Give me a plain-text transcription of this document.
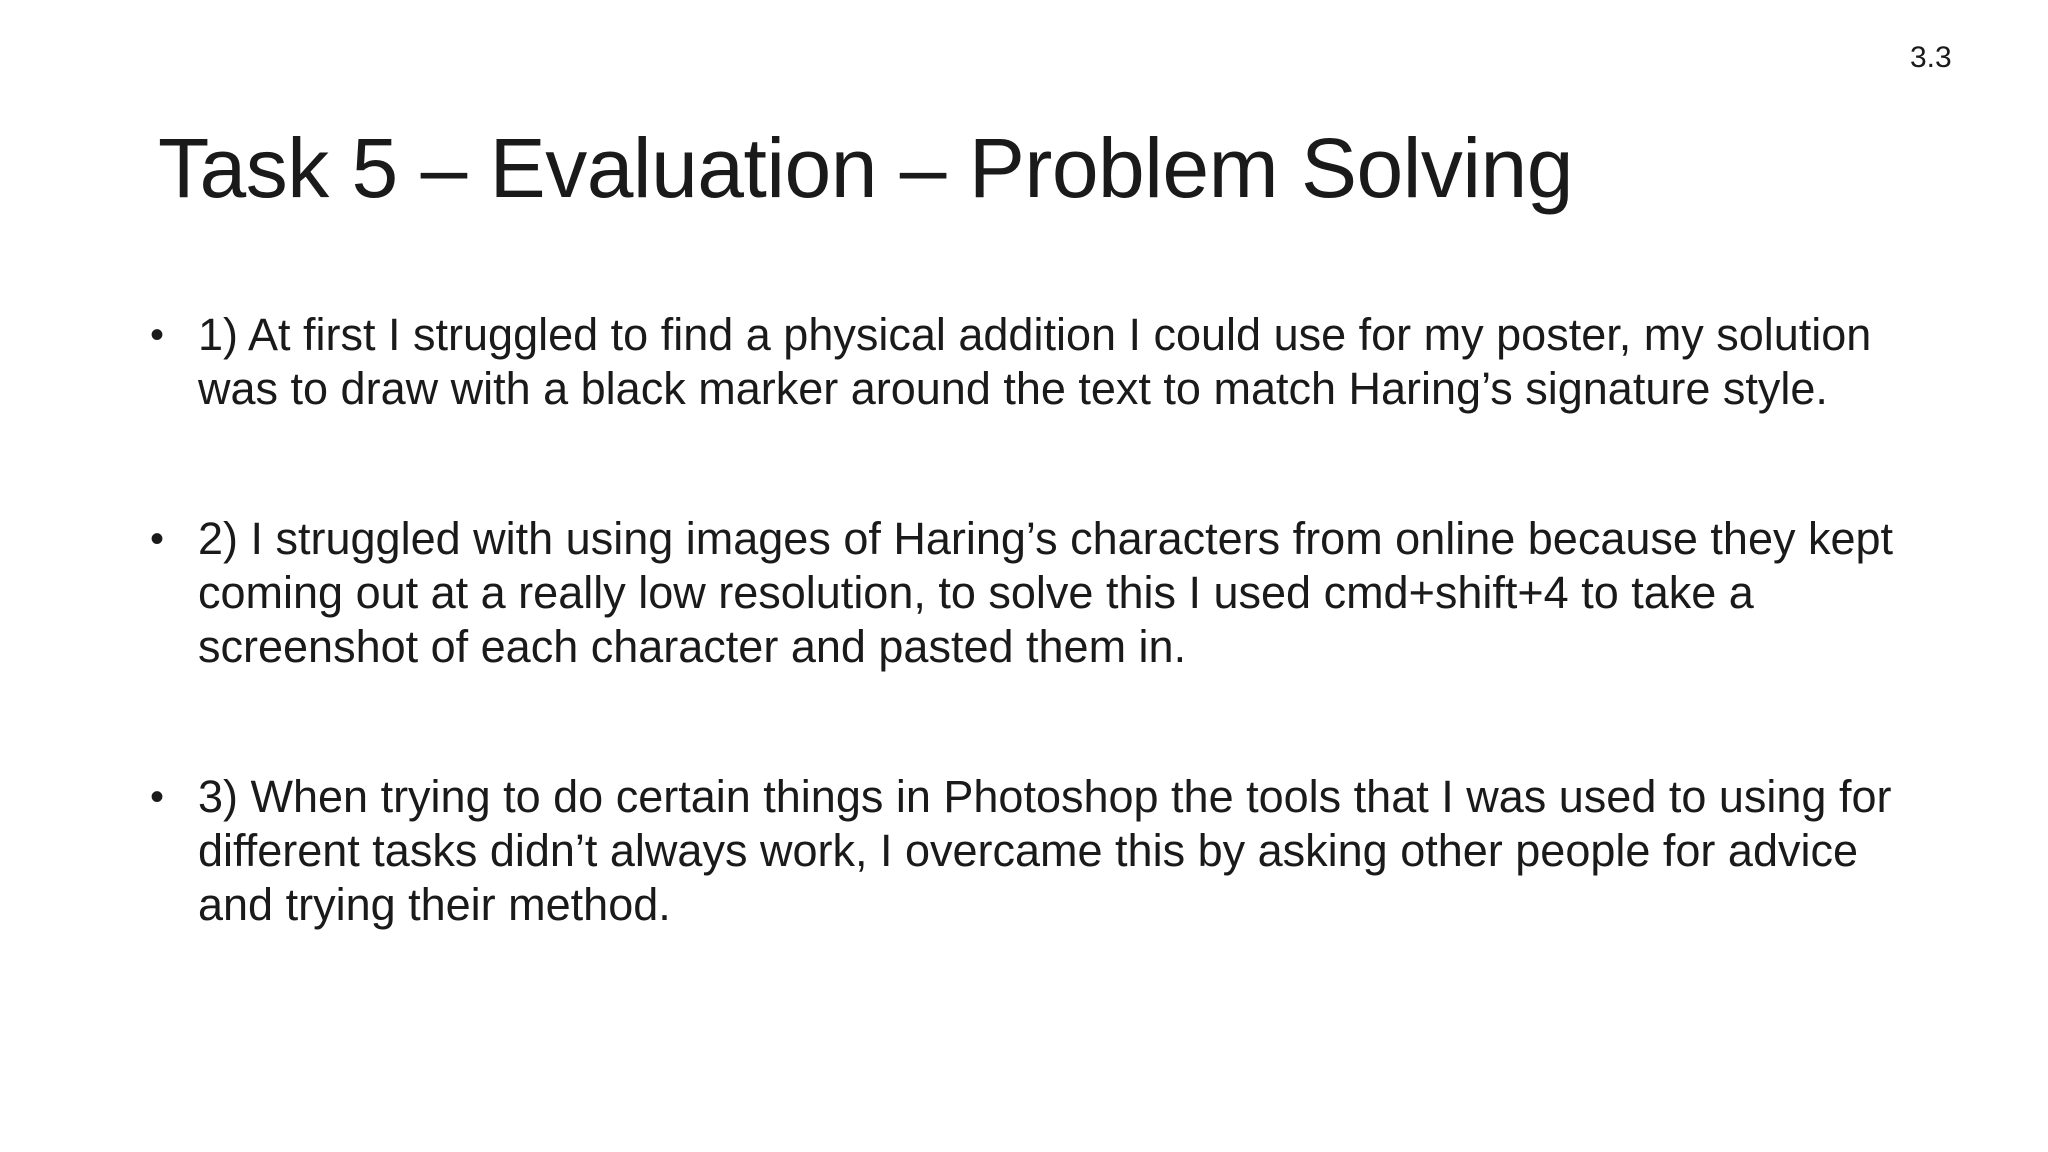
3.3
Task 5 – Evaluation – Problem Solving
• 1) At first I struggled to find a physical addition I could use for my poster, my solution was to draw with a black marker around the text to match Haring’s signature style.
• 2) I struggled with using images of Haring’s characters from online because they kept coming out at a really low resolution, to solve this I used cmd+shift+4 to take a screenshot of each character and pasted them in.
• 3) When trying to do certain things in Photoshop the tools that I was used to using for different tasks didn’t always work, I overcame this by asking other people for advice and trying their method.
